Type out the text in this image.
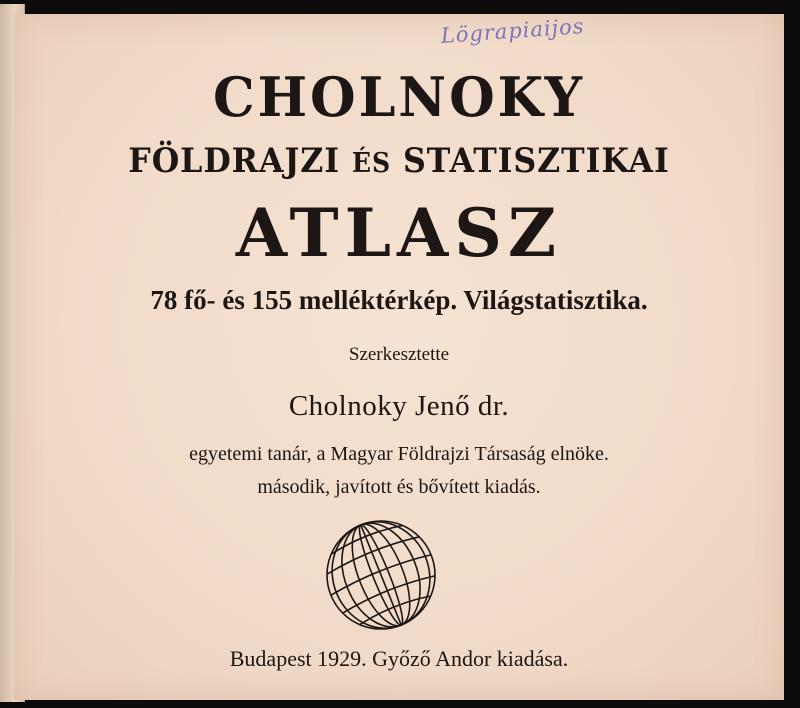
Lögrapiaijos
CHOLNOKY
FÖLDRAJZI ÉS STATISZTIKAI
ATLASZ
78 fő- és 155 melléktérkép. Világstatisztika.
Szerkesztette
Cholnoky Jenő dr.
egyetemi tanár, a Magyar Földrajzi Társaság elnöke.
második, javított és bővített kiadás.
Budapest 1929. Győző Andor kiadása.
